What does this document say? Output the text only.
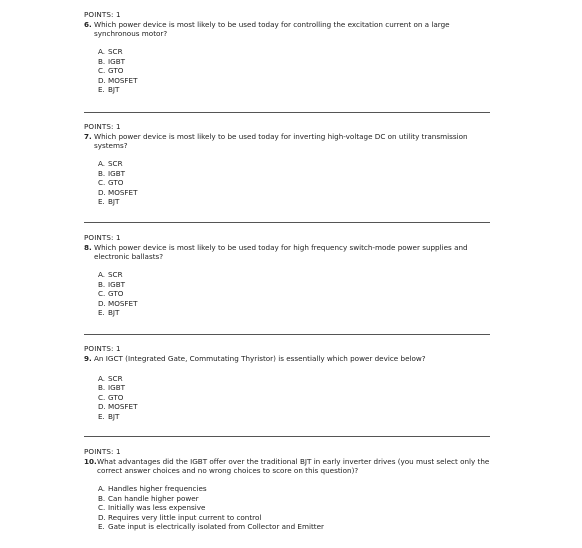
POINTS: 1
6. Which power device is most likely to be used today for controlling the excitation current on a large synchronous motor?
A. SCR
B. IGBT
C. GTO
D. MOSFET
E. BJT
POINTS: 1
7. Which power device is most likely to be used today for inverting high-voltage DC on utility transmission systems?
A. SCR
B. IGBT
C. GTO
D. MOSFET
E. BJT
POINTS: 1
8. Which power device is most likely to be used today for high frequency switch-mode power supplies and electronic ballasts?
A. SCR
B. IGBT
C. GTO
D. MOSFET
E. BJT
POINTS: 1
9. An IGCT (Integrated Gate, Commutating Thyristor) is essentially which power device below?
A. SCR
B. IGBT
C. GTO
D. MOSFET
E. BJT
POINTS: 1
10. What advantages did the IGBT offer over the traditional BJT in early inverter drives (you must select only the correct answer choices and no wrong choices to score on this question)?
A. Handles higher frequencies
B. Can handle higher power
C. Initially was less expensive
D. Requires very little input current to control
E. Gate input is electrically isolated from Collector and Emitter
